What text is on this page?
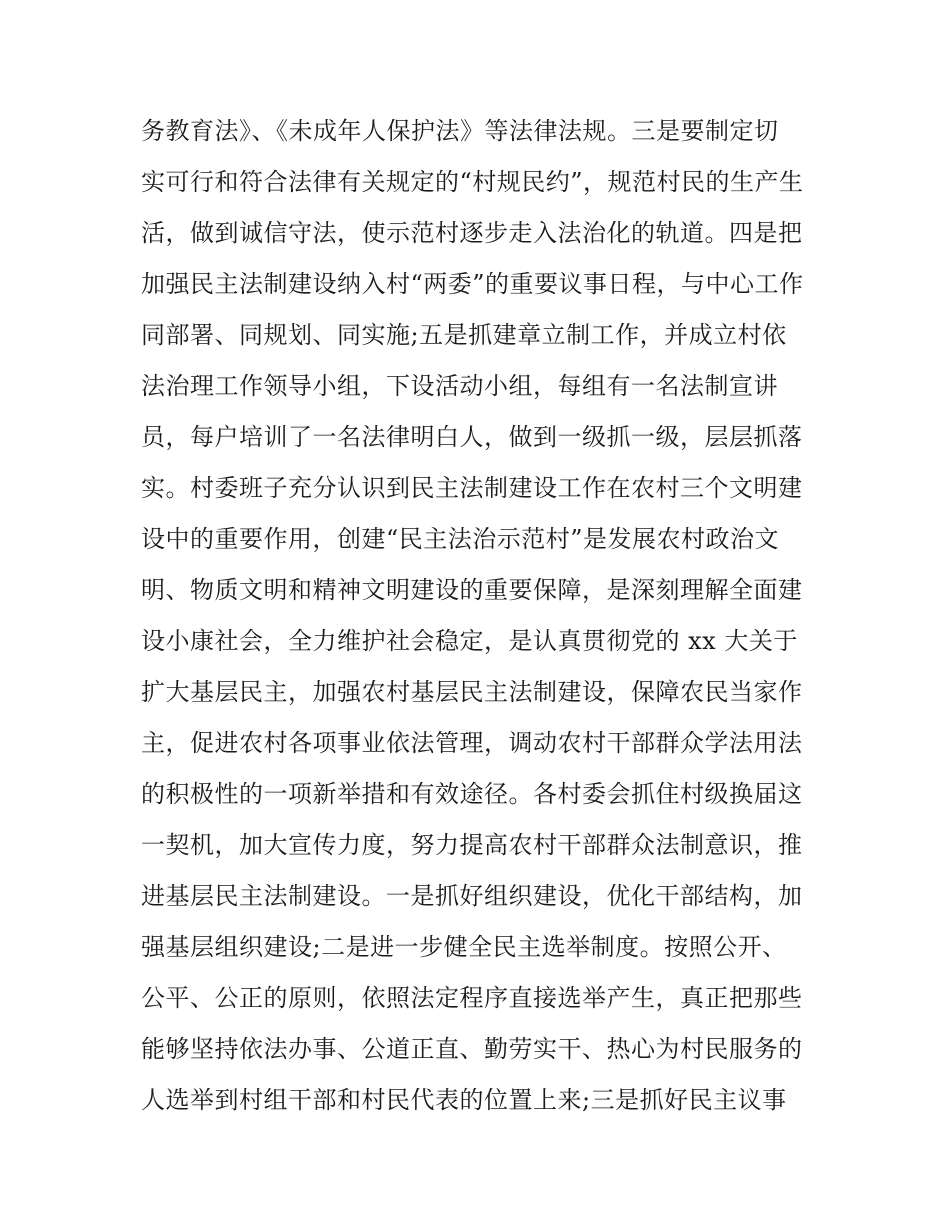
务教育法》、《未成年人保护法》等法律法规。三是要制定切
实可行和符合法律有关规定的“村规民约”，规范村民的生产生
活，做到诚信守法，使示范村逐步走入法治化的轨道。四是把
加强民主法制建设纳入村“两委”的重要议事日程，与中心工作
同部署、同规划、同实施;五是抓建章立制工作，并成立村依
法治理工作领导小组，下设活动小组，每组有一名法制宣讲
员，每户培训了一名法律明白人，做到一级抓一级，层层抓落
实。村委班子充分认识到民主法制建设工作在农村三个文明建
设中的重要作用，创建“民主法治示范村”是发展农村政治文
明、物质文明和精神文明建设的重要保障，是深刻理解全面建
设小康社会，全力维护社会稳定，是认真贯彻党的 xx 大关于
扩大基层民主，加强农村基层民主法制建设，保障农民当家作
主，促进农村各项事业依法管理，调动农村干部群众学法用法
的积极性的一项新举措和有效途径。各村委会抓住村级换届这
一契机，加大宣传力度，努力提高农村干部群众法制意识，推
进基层民主法制建设。一是抓好组织建设，优化干部结构，加
强基层组织建设;二是进一步健全民主选举制度。按照公开、
公平、公正的原则，依照法定程序直接选举产生，真正把那些
能够坚持依法办事、公道正直、勤劳实干、热心为村民服务的
人选举到村组干部和村民代表的位置上来;三是抓好民主议事
